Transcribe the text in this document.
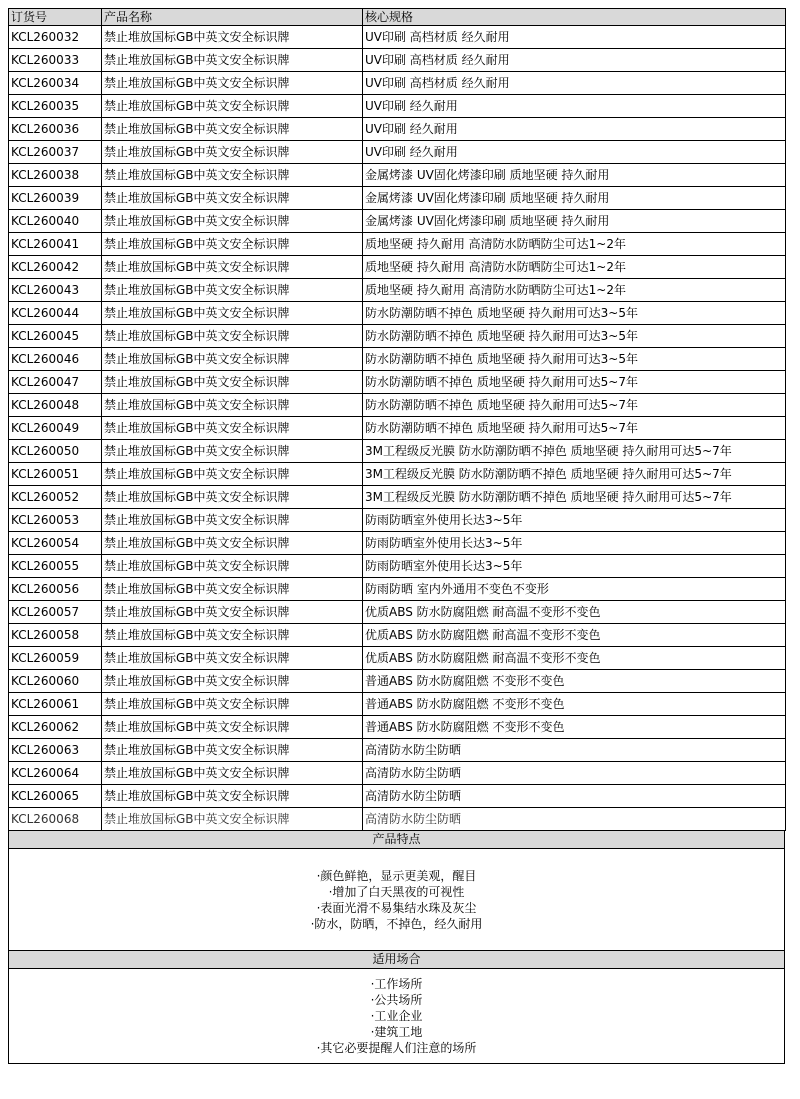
订货号	产品名称	核心规格
KCL260032	禁止堆放国标GB中英文安全标识牌	UV印刷 高档材质 经久耐用
KCL260033	禁止堆放国标GB中英文安全标识牌	UV印刷 高档材质 经久耐用
KCL260034	禁止堆放国标GB中英文安全标识牌	UV印刷 高档材质 经久耐用
KCL260035	禁止堆放国标GB中英文安全标识牌	UV印刷 经久耐用
KCL260036	禁止堆放国标GB中英文安全标识牌	UV印刷 经久耐用
KCL260037	禁止堆放国标GB中英文安全标识牌	UV印刷 经久耐用
KCL260038	禁止堆放国标GB中英文安全标识牌	金属烤漆 UV固化烤漆印刷 质地坚硬 持久耐用
KCL260039	禁止堆放国标GB中英文安全标识牌	金属烤漆 UV固化烤漆印刷 质地坚硬 持久耐用
KCL260040	禁止堆放国标GB中英文安全标识牌	金属烤漆 UV固化烤漆印刷 质地坚硬 持久耐用
KCL260041	禁止堆放国标GB中英文安全标识牌	质地坚硬 持久耐用 高清防水防晒防尘可达1~2年
KCL260042	禁止堆放国标GB中英文安全标识牌	质地坚硬 持久耐用 高清防水防晒防尘可达1~2年
KCL260043	禁止堆放国标GB中英文安全标识牌	质地坚硬 持久耐用 高清防水防晒防尘可达1~2年
KCL260044	禁止堆放国标GB中英文安全标识牌	防水防潮防晒不掉色 质地坚硬 持久耐用可达3~5年
KCL260045	禁止堆放国标GB中英文安全标识牌	防水防潮防晒不掉色 质地坚硬 持久耐用可达3~5年
KCL260046	禁止堆放国标GB中英文安全标识牌	防水防潮防晒不掉色 质地坚硬 持久耐用可达3~5年
KCL260047	禁止堆放国标GB中英文安全标识牌	防水防潮防晒不掉色 质地坚硬 持久耐用可达5~7年
KCL260048	禁止堆放国标GB中英文安全标识牌	防水防潮防晒不掉色 质地坚硬 持久耐用可达5~7年
KCL260049	禁止堆放国标GB中英文安全标识牌	防水防潮防晒不掉色 质地坚硬 持久耐用可达5~7年
KCL260050	禁止堆放国标GB中英文安全标识牌	3M工程级反光膜 防水防潮防晒不掉色 质地坚硬 持久耐用可达5~7年
KCL260051	禁止堆放国标GB中英文安全标识牌	3M工程级反光膜 防水防潮防晒不掉色 质地坚硬 持久耐用可达5~7年
KCL260052	禁止堆放国标GB中英文安全标识牌	3M工程级反光膜 防水防潮防晒不掉色 质地坚硬 持久耐用可达5~7年
KCL260053	禁止堆放国标GB中英文安全标识牌	防雨防晒室外使用长达3~5年
KCL260054	禁止堆放国标GB中英文安全标识牌	防雨防晒室外使用长达3~5年
KCL260055	禁止堆放国标GB中英文安全标识牌	防雨防晒室外使用长达3~5年
KCL260056	禁止堆放国标GB中英文安全标识牌	防雨防晒 室内外通用不变色不变形
KCL260057	禁止堆放国标GB中英文安全标识牌	优质ABS 防水防腐阻燃 耐高温不变形不变色
KCL260058	禁止堆放国标GB中英文安全标识牌	优质ABS 防水防腐阻燃 耐高温不变形不变色
KCL260059	禁止堆放国标GB中英文安全标识牌	优质ABS 防水防腐阻燃 耐高温不变形不变色
KCL260060	禁止堆放国标GB中英文安全标识牌	普通ABS 防水防腐阻燃 不变形不变色
KCL260061	禁止堆放国标GB中英文安全标识牌	普通ABS 防水防腐阻燃 不变形不变色
KCL260062	禁止堆放国标GB中英文安全标识牌	普通ABS 防水防腐阻燃 不变形不变色
KCL260063	禁止堆放国标GB中英文安全标识牌	高清防水防尘防晒
KCL260064	禁止堆放国标GB中英文安全标识牌	高清防水防尘防晒
KCL260065	禁止堆放国标GB中英文安全标识牌	高清防水防尘防晒
KCL260068	禁止堆放国标GB中英文安全标识牌	高清防水防尘防晒
产品特点
·颜色鲜艳，显示更美观，醒目
·增加了白天黑夜的可视性
·表面光滑不易集结水珠及灰尘
·防水，防晒，不掉色，经久耐用
适用场合
·工作场所
·公共场所
·工业企业
·建筑工地
·其它必要提醒人们注意的场所
